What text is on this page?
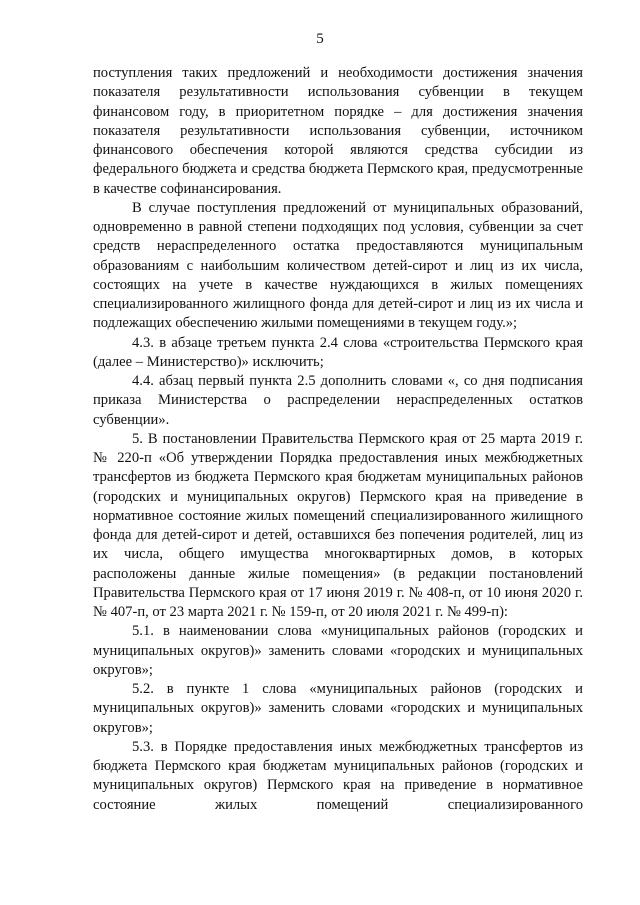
5

поступления таких предложений и необходимости достижения значения показателя результативности использования субвенции в текущем финансовом году, в приоритетном порядке – для достижения значения показателя результативности использования субвенции, источником финансового обеспечения которой являются средства субсидии из федерального бюджета и средства бюджета Пермского края, предусмотренные в качестве софинансирования.

В случае поступления предложений от муниципальных образований, одновременно в равной степени подходящих под условия, субвенции за счет средств нераспределенного остатка предоставляются муниципальным образованиям с наибольшим количеством детей-сирот и лиц из их числа, состоящих на учете в качестве нуждающихся в жилых помещениях специализированного жилищного фонда для детей-сирот и лиц из их числа и подлежащих обеспечению жилыми помещениями в текущем году.»;

4.3. в абзаце третьем пункта 2.4 слова «строительства Пермского края (далее – Министерство)» исключить;

4.4. абзац первый пункта 2.5 дополнить словами «, со дня подписания приказа Министерства о распределении нераспределенных остатков субвенции».

5. В постановлении Правительства Пермского края от 25 марта 2019 г. № 220-п «Об утверждении Порядка предоставления иных межбюджетных трансфертов из бюджета Пермского края бюджетам муниципальных районов (городских и муниципальных округов) Пермского края на приведение в нормативное состояние жилых помещений специализированного жилищного фонда для детей-сирот и детей, оставшихся без попечения родителей, лиц из их числа, общего имущества многоквартирных домов, в которых расположены данные жилые помещения» (в редакции постановлений Правительства Пермского края от 17 июня 2019 г. № 408-п, от 10 июня 2020 г. № 407-п, от 23 марта 2021 г. № 159-п, от 20 июля 2021 г. № 499-п):

5.1. в наименовании слова «муниципальных районов (городских и муниципальных округов)» заменить словами «городских и муниципальных округов»;

5.2. в пункте 1 слова «муниципальных районов (городских и муниципальных округов)» заменить словами «городских и муниципальных округов»;

5.3. в Порядке предоставления иных межбюджетных трансфертов из бюджета Пермского края бюджетам муниципальных районов (городских и муниципальных округов) Пермского края на приведение в нормативное состояние жилых помещений специализированного
